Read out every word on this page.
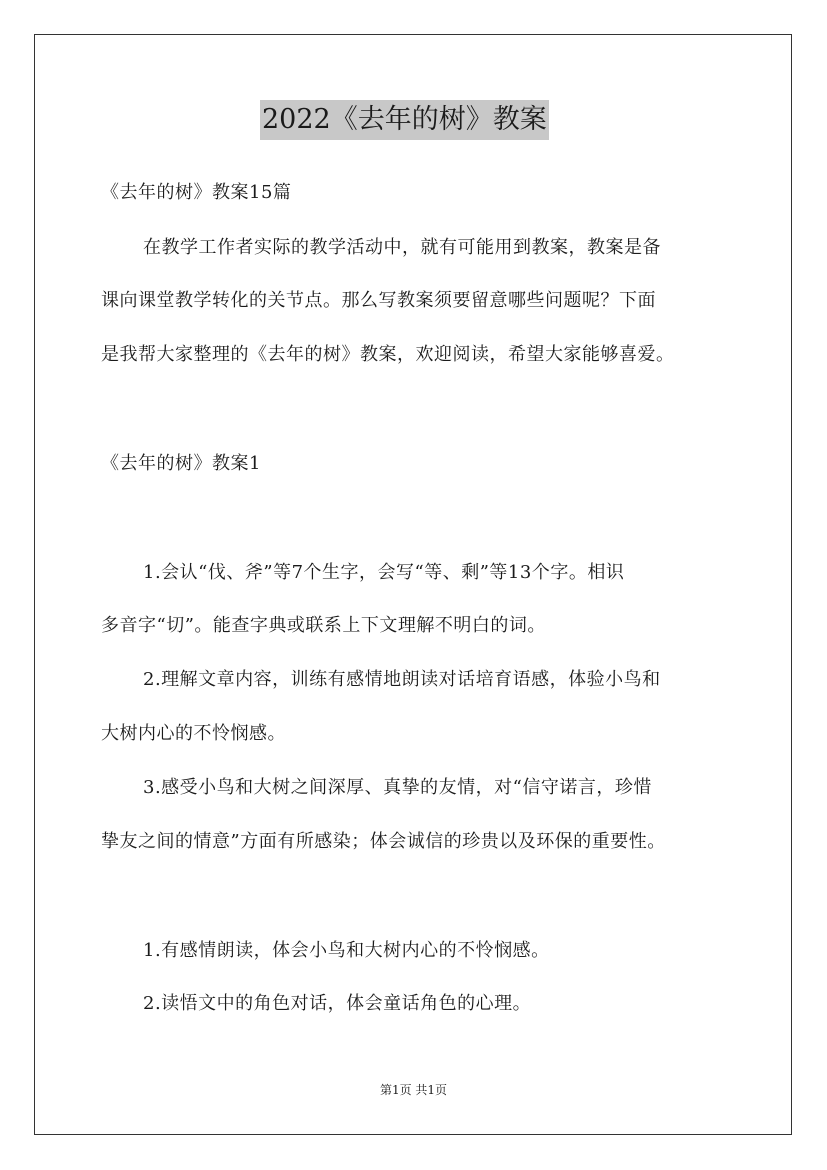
2022《去年的树》教案
《去年的树》教案15篇
在教学工作者实际的教学活动中，就有可能用到教案，教案是备
课向课堂教学转化的关节点。那么写教案须要留意哪些问题呢？下面
是我帮大家整理的《去年的树》教案，欢迎阅读，希望大家能够喜爱。
《去年的树》教案1
1.会认“伐、斧”等7个生字，会写“等、剩”等13个字。相识
多音字“切”。能查字典或联系上下文理解不明白的词。
2.理解文章内容，训练有感情地朗读对话培育语感，体验小鸟和
大树内心的不怜悯感。
3.感受小鸟和大树之间深厚、真挚的友情，对“信守诺言，珍惜
挚友之间的情意”方面有所感染；体会诚信的珍贵以及环保的重要性。
1.有感情朗读，体会小鸟和大树内心的不怜悯感。
2.读悟文中的角色对话，体会童话角色的心理。
第1页 共1页
